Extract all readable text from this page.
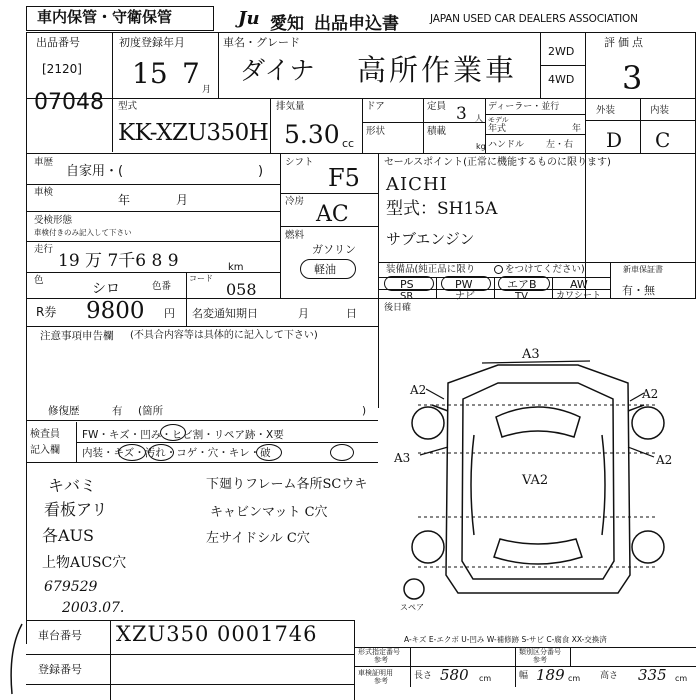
車内保管・守衛保管	Ju 愛知 出品申込書	JAPAN USED CAR DEALERS ASSOCIATION
出品番号
[2120]
07048
初度登録年月
15 7 月
車名・グレード
ダイナ 高所作業車
2WD
4WD
評価点
3
型式
KK-XZU350H
排気量
5.30 cc
ドア	定員 3 人
形状	積載
kg
ディーラー・並行
モデル
年式	年
ハンドル 左・右
外装	内装
D C
車歴
自家用・(	)
車検
年	月
受検形態
車検付きのみ記入して下さい
走行
19 万 7千6 8 9	km
色
シロ	色番
コード
058
シフト
F5
冷房
AC
燃料
ガソリン
軽油
セールスポイント(正常に機能するものに限ります)
AICHI
型式：SH15A
サブエンジン
装備品(純正品に限り	をつけてください)
PS	PW	エアB	AW
SR	ナビ	TV	カワシート
新車保証書
有・無
R券 9800 円 名変通知期日	月	日	後日確
注意事項申告欄 (不具合内容等は具体的に記入して下さい)
修復歴	有 (箇所	)
検査員
記入欄
FW・キズ・凹み・ヒビ割・リペア跡・X要
内装・キズ・汚れ・コゲ・穴・キレ・破
キバミ
看板アリ
各AUS
上物AUSC穴
679529
2003.07.
下廻りフレーム各所SCウキ
キャビンマット C穴
左サイドシル C穴
A3
A2	A2
A3	A2
VA2
スペア
A-キズ E-エクボ U-凹み W-補修跡 S-サビ C-腐食 XX-交換済
車台番号 XZU350 0001746
登録番号
形式指定番号
参考
類別区分番号
参考
車検証明用
参考	長さ 580 cm	幅 189 cm 高さ 335 cm
